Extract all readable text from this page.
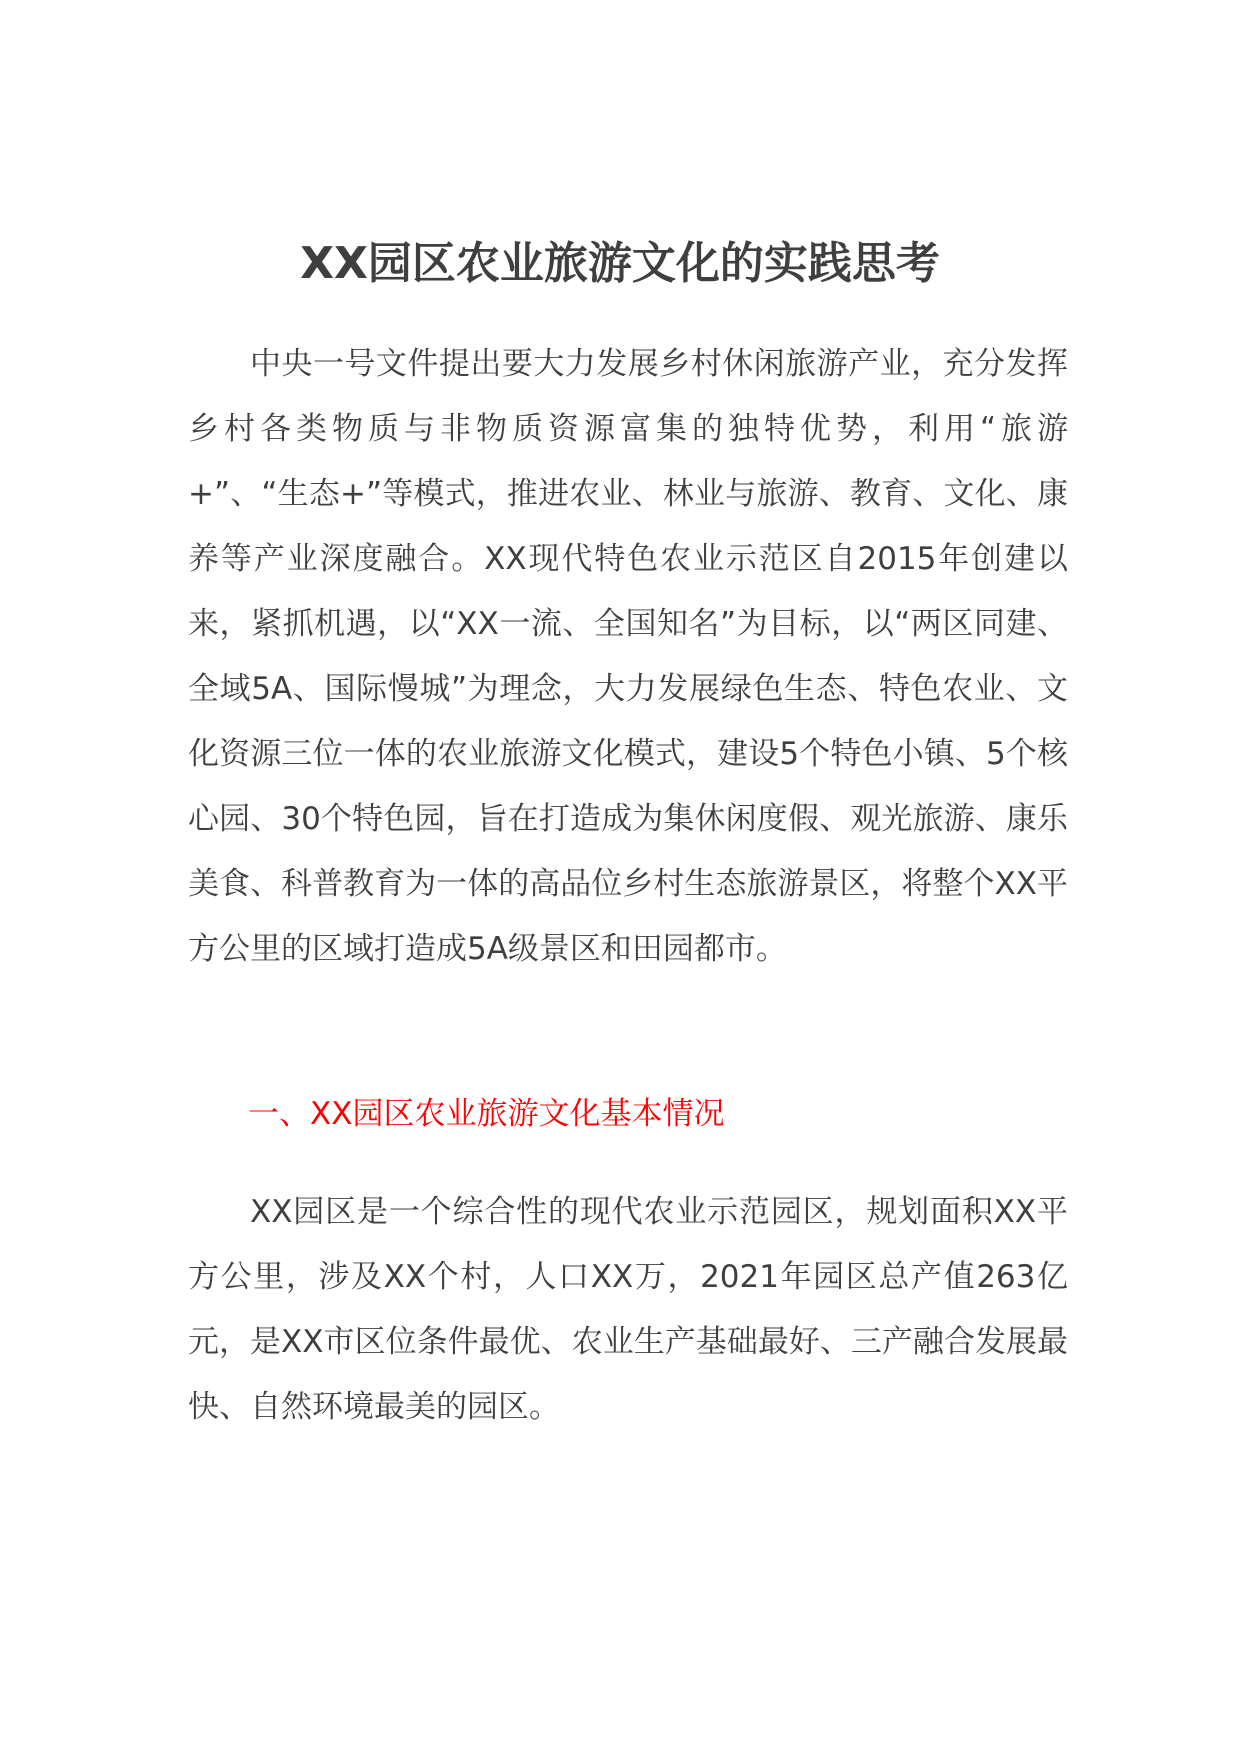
XX园区农业旅游文化的实践思考

中央一号文件提出要大力发展乡村休闲旅游产业，充分发挥乡村各类物质与非物质资源富集的独特优势，利用“旅游+”、“生态+”等模式，推进农业、林业与旅游、教育、文化、康养等产业深度融合。XX现代特色农业示范区自2015年创建以来，紧抓机遇，以“XX一流、全国知名”为目标，以“两区同建、全域5A、国际慢城”为理念，大力发展绿色生态、特色农业、文化资源三位一体的农业旅游文化模式，建设5个特色小镇、5个核心园、30个特色园，旨在打造成为集休闲度假、观光旅游、康乐美食、科普教育为一体的高品位乡村生态旅游景区，将整个XX平方公里的区域打造成5A级景区和田园都市。

一、XX园区农业旅游文化基本情况

XX园区是一个综合性的现代农业示范园区，规划面积XX平方公里，涉及XX个村，人口XX万，2021年园区总产值263亿元，是XX市区位条件最优、农业生产基础最好、三产融合发展最快、自然环境最美的园区。
